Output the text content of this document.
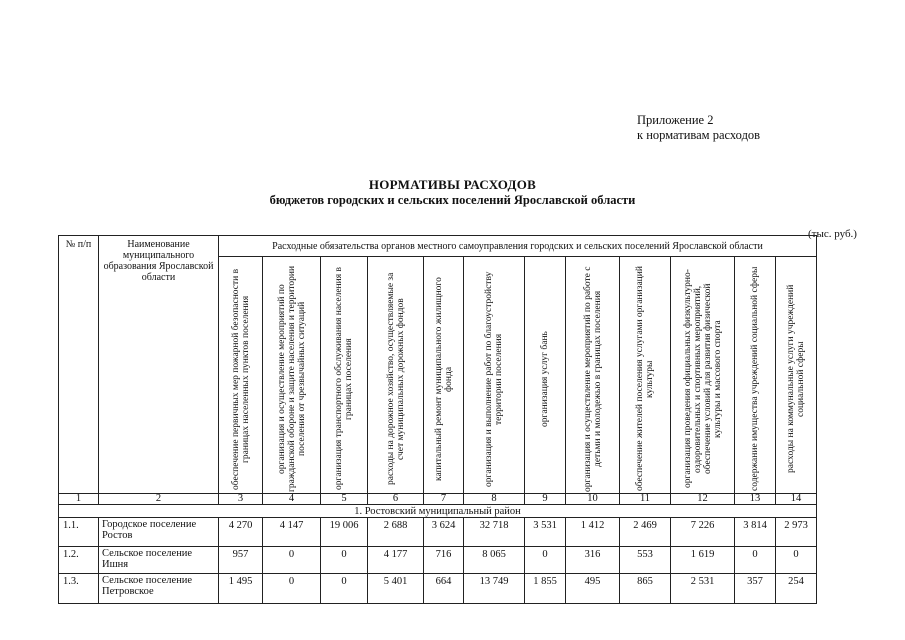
Приложение 2
к нормативам расходов
НОРМАТИВЫ РАСХОДОВ
бюджетов городских и сельских поселений Ярославской области
(тыс. руб.)
№ п/п	Наименование муниципального образования Ярославской области	Расходные обязательства органов местного самоуправления городских и сельских поселений Ярославской области											

		обеспечение первичных мер пожарной безопасности в границах населенных пунктов поселения	организация и осуществление мероприятий по гражданской обороне и защите населения и территории поселения от чрезвычайных ситуаций	организация транспортного обслуживания населения в границах поселения	расходы на дорожное хозяйство, осуществляемые за счет муниципальных дорожных фондов	капитальный ремонт муниципального жилищного фонда	организация и выполнение работ по благоустройству территории поселения	организация услуг бань	организация и осуществление мероприятий по работе с детьми и молодежью в границах поселения	обеспечение жителей поселения услугами организаций культуры	организация проведения официальных физкультурно-оздоровительных и спортивных мероприятий, обеспечение условий для развития физической культуры и массового спорта	содержание имущества учреждений социальной сферы	расходы на коммунальные услуги учреждений социальной сферы

1	2	3	4	5	6	7	8	9	10	11	12	13	14
1. Ростовский муниципальный район													
1.1.	Городское поселение Ростов	4 270	4 147	19 006	2 688	3 624	32 718	3 531	1 412	2 469	7 226	3 814	2 973
1.2.	Сельское поселение Ишня	957	0	0	4 177	716	8 065	0	316	553	1 619	0	0
1.3.	Сельское поселение Петровское	1 495	0	0	5 401	664	13 749	1 855	495	865	2 531	357	254
